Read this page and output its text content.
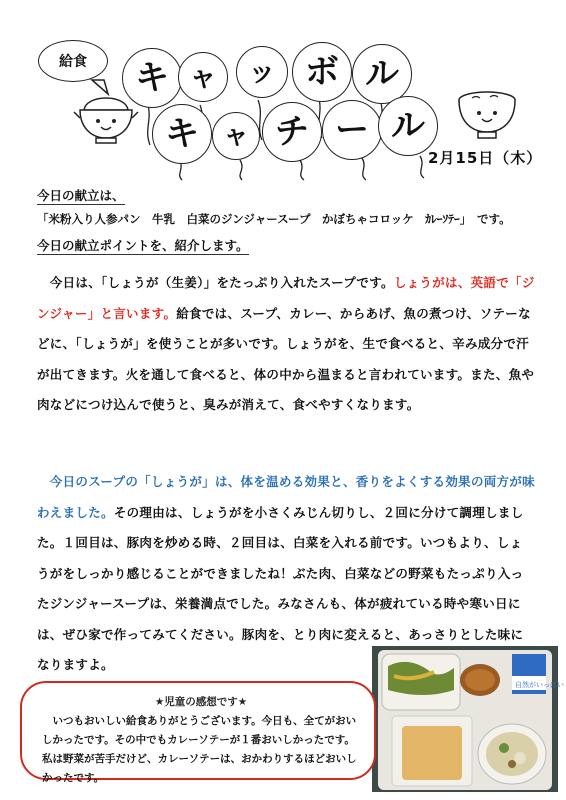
給食 キ ャ ッ ボ ル
キ ャ チ ー ル
2月15日（木）
今日の献立は、
「米粉入り人参パン　牛乳　白菜のジンジャースープ　かぼちゃコロッケ　ｶﾚｰｿﾃｰ」　です。
今日の献立ポイントを、紹介します。
　今日は、「しょうが（生姜）」をたっぷり入れたスープです。しょうがは、英語で「ジンジャー」と言います。給食では、スープ、カレー、からあげ、魚の煮つけ、ソテーなどに、「しょうが」を使うことが多いです。しょうがを、生で食べると、辛み成分で汗が出てきます。火を通して食べると、体の中から温まると言われています。また、魚や肉などにつけ込んで使うと、臭みが消えて、食べやすくなります。
　今日のスープの「しょうが」は、体を温める効果と、香りをよくする効果の両方が味わえました。その理由は、しょうがを小さくみじん切りし、２回に分けて調理しました。１回目は、豚肉を炒める時、２回目は、白菜を入れる前です。いつもより、しょうがをしっかり感じることができましたね！ぶた肉、白菜などの野菜もたっぷり入ったジンジャースープは、栄養満点でした。みなさんも、体が疲れている時や寒い日には、ぜひ家で作ってみてください。豚肉を、とり肉に変えると、あっさりとした味になりますよ。
自然がいっぱい
★児童の感想です★
　いつもおいしい給食ありがとうございます。今日も、全てがおいしかったです。その中でもカレーソテーが１番おいしかったです。私は野菜が苦手だけど、カレーソテーは、おかわりするほどおいしかったです。
